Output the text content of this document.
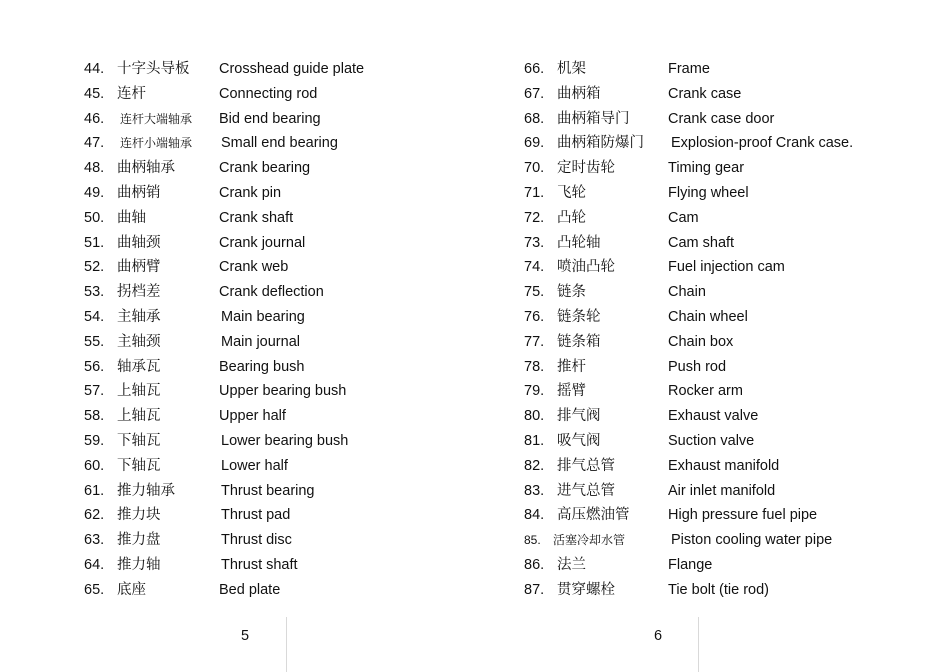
44. 十字头导板 Crosshead guide plate
45. 连杆	Connecting rod
46. 连杆大端轴承 Bid end bearing
47. 连杆小端轴承 Small end bearing
48. 曲柄轴承	Crank bearing
49. 曲柄销	Crank pin
50. 曲轴	Crank shaft
51. 曲轴颈	Crank journal
52. 曲柄臂	Crank web
53. 拐档差	Crank deflection
54. 主轴承	Main bearing
55. 主轴颈	Main journal
56. 轴承瓦	Bearing bush
57. 上轴瓦	Upper bearing bush
58. 上轴瓦	Upper half
59. 下轴瓦	Lower bearing bush
60. 下轴瓦	Lower half
61. 推力轴承	Thrust bearing
62. 推力块	Thrust pad
63. 推力盘	Thrust disc
64. 推力轴	Thrust shaft
65. 底座	Bed plate
66. 机架	Frame
67. 曲柄箱	Crank case
68. 曲柄箱导门	Crank case door
69. 曲柄箱防爆门 Explosion-proof Crank case.
70. 定时齿轮	Timing gear
71. 飞轮	Flying wheel
72. 凸轮	Cam
73. 凸轮轴	Cam shaft
74. 喷油凸轮	Fuel injection cam
75. 链条	Chain
76. 链条轮	Chain wheel
77. 链条箱	Chain box
78. 推杆	Push rod
79. 摇臂	Rocker arm
80. 排气阀	Exhaust valve
81. 吸气阀	Suction valve
82. 排气总管	Exhaust manifold
83. 进气总管	Air inlet manifold
84. 高压燃油管	High pressure fuel pipe
85. 活塞冷却水管	Piston cooling water pipe
86. 法兰	Flange
87. 贯穿螺栓	Tie bolt (tie rod)
5	6
